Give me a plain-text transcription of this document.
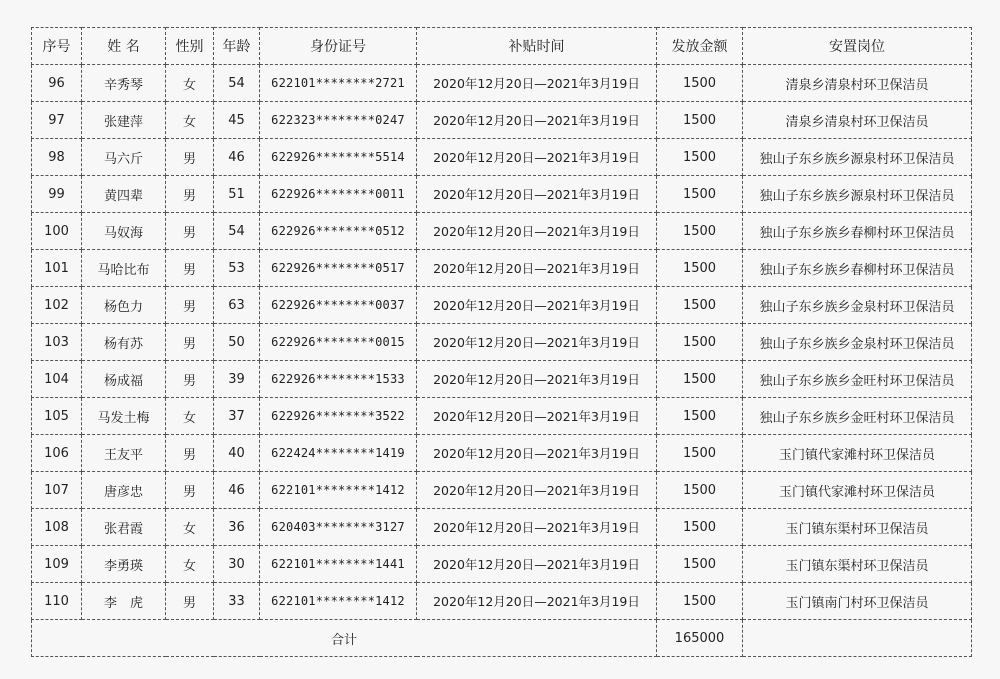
序号	姓 名	性别	年龄	身份证号	补贴时间	发放金额	安置岗位
96	辛秀琴	女	54	622101********2721	2020年12月20日—2021年3月19日	1500	清泉乡清泉村环卫保洁员
97	张建萍	女	45	622323********0247	2020年12月20日—2021年3月19日	1500	清泉乡清泉村环卫保洁员
98	马六斤	男	46	622926********5514	2020年12月20日—2021年3月19日	1500	独山子东乡族乡源泉村环卫保洁员
99	黄四辈	男	51	622926********0011	2020年12月20日—2021年3月19日	1500	独山子东乡族乡源泉村环卫保洁员
100	马奴海	男	54	622926********0512	2020年12月20日—2021年3月19日	1500	独山子东乡族乡春柳村环卫保洁员
101	马哈比布	男	53	622926********0517	2020年12月20日—2021年3月19日	1500	独山子东乡族乡春柳村环卫保洁员
102	杨色力	男	63	622926********0037	2020年12月20日—2021年3月19日	1500	独山子东乡族乡金泉村环卫保洁员
103	杨有苏	男	50	622926********0015	2020年12月20日—2021年3月19日	1500	独山子东乡族乡金泉村环卫保洁员
104	杨成福	男	39	622926********1533	2020年12月20日—2021年3月19日	1500	独山子东乡族乡金旺村环卫保洁员
105	马发土梅	女	37	622926********3522	2020年12月20日—2021年3月19日	1500	独山子东乡族乡金旺村环卫保洁员
106	王友平	男	40	622424********1419	2020年12月20日—2021年3月19日	1500	玉门镇代家滩村环卫保洁员
107	唐彦忠	男	46	622101********1412	2020年12月20日—2021年3月19日	1500	玉门镇代家滩村环卫保洁员
108	张君霞	女	36	620403********3127	2020年12月20日—2021年3月19日	1500	玉门镇东渠村环卫保洁员
109	李勇瑛	女	30	622101********1441	2020年12月20日—2021年3月19日	1500	玉门镇东渠村环卫保洁员
110	李　虎	男	33	622101********1412	2020年12月20日—2021年3月19日	1500	玉门镇南门村环卫保洁员
合计						165000	
